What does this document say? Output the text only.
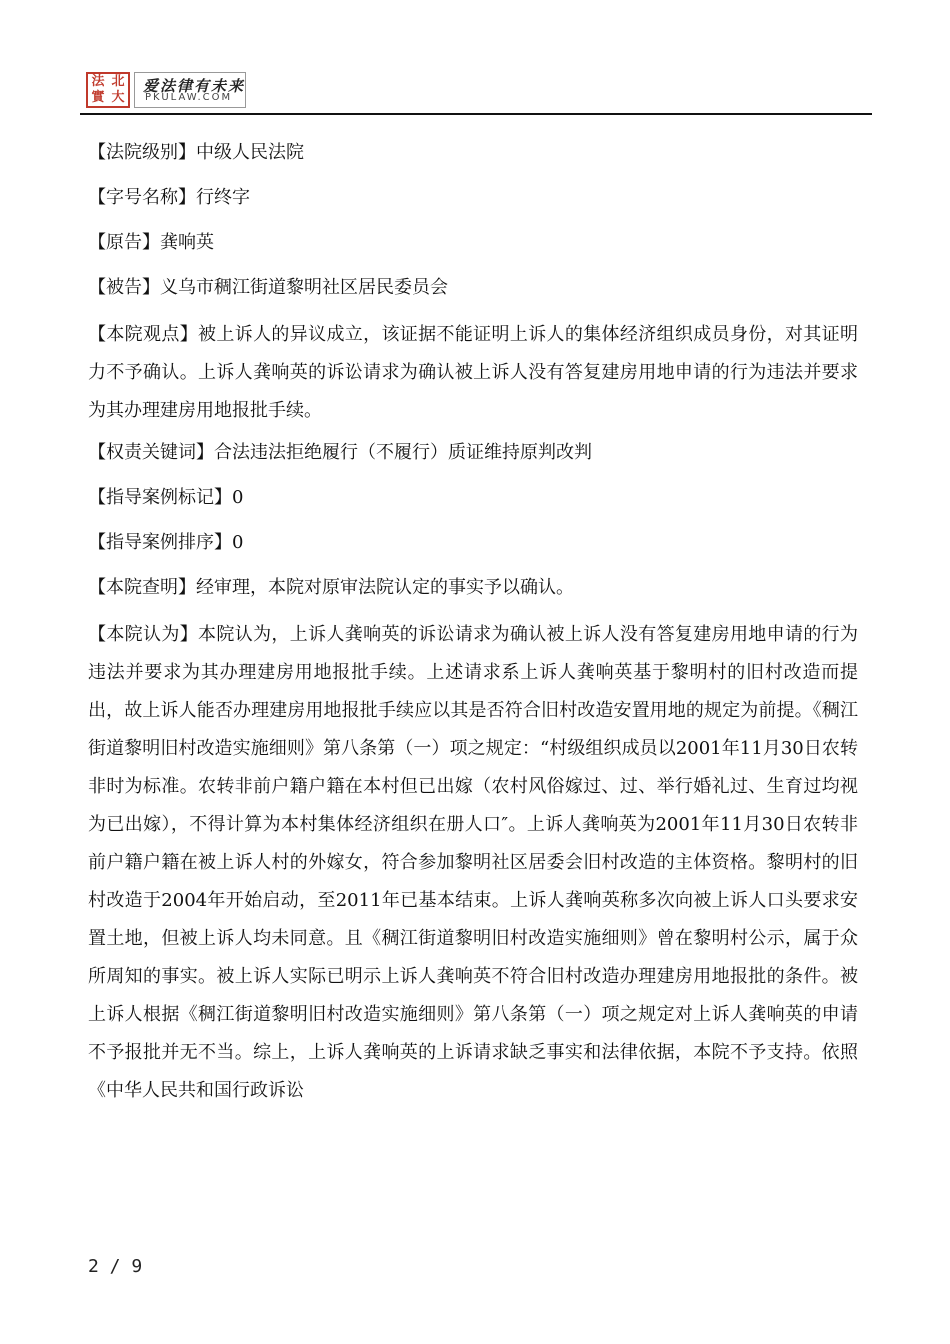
法 北
實 大
爱法律有未来
PKULAW.COM

【法院级别】中级人民法院

【字号名称】行终字

【原告】龚响英

【被告】义乌市稠江街道黎明社区居民委员会

【本院观点】被上诉人的异议成立，该证据不能证明上诉人的集体经济组织成员身份，对其证明力不予确认。上诉人龚响英的诉讼请求为确认被上诉人没有答复建房用地申请的行为违法并要求为其办理建房用地报批手续。

【权责关键词】合法违法拒绝履行（不履行）质证维持原判改判

【指导案例标记】0

【指导案例排序】0

【本院查明】经审理，本院对原审法院认定的事实予以确认。

【本院认为】本院认为，上诉人龚响英的诉讼请求为确认被上诉人没有答复建房用地申请的行为违法并要求为其办理建房用地报批手续。上述请求系上诉人龚响英基于黎明村的旧村改造而提出，故上诉人能否办理建房用地报批手续应以其是否符合旧村改造安置用地的规定为前提。《稠江街道黎明旧村改造实施细则》第八条第（一）项之规定：“村级组织成员以2001年11月30日农转非时为标准。农转非前户籍户籍在本村但已出嫁（农村风俗嫁过、过、举行婚礼过、生育过均视为已出嫁），不得计算为本村集体经济组织在册人口″。上诉人龚响英为2001年11月30日农转非前户籍户籍在被上诉人村的外嫁女，符合参加黎明社区居委会旧村改造的主体资格。黎明村的旧村改造于2004年开始启动，至2011年已基本结束。上诉人龚响英称多次向被上诉人口头要求安置土地，但被上诉人均未同意。且《稠江街道黎明旧村改造实施细则》曾在黎明村公示，属于众所周知的事实。被上诉人实际已明示上诉人龚响英不符合旧村改造办理建房用地报批的条件。被上诉人根据《稠江街道黎明旧村改造实施细则》第八条第（一）项之规定对上诉人龚响英的申请不予报批并无不当。综上，上诉人龚响英的上诉请求缺乏事实和法律依据，本院不予支持。依照《中华人民共和国行政诉讼

2 / 9
